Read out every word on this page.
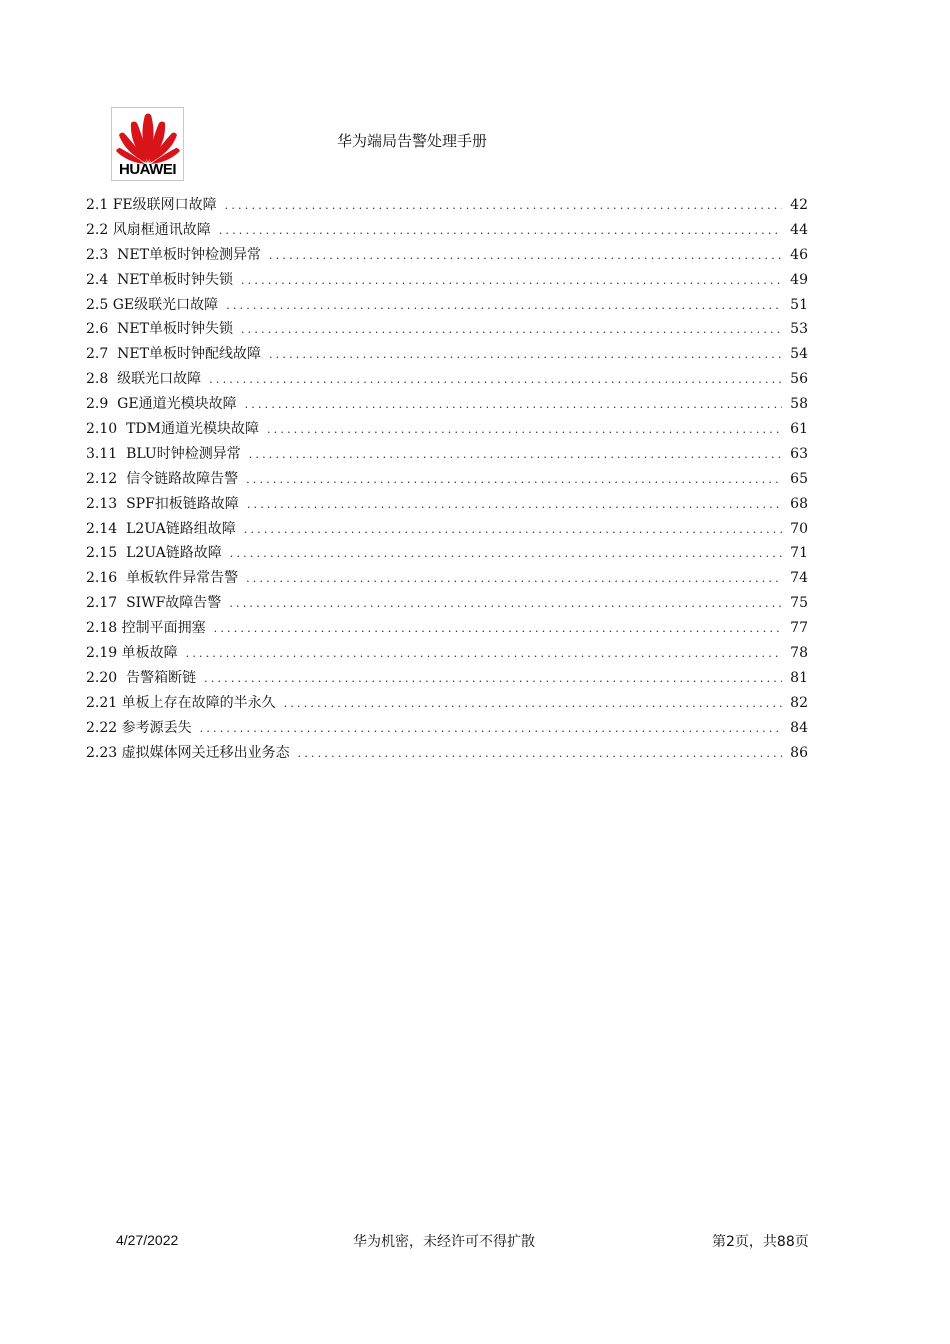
HUAWEI
华为端局告警处理手册
2.1 FE级联网口故障 .....	42
2.2 风扇框通讯故障 .....	44
2.3 NET单板时钟检测异常 .....	46
2.4 NET单板时钟失锁 .....	49
2.5 GE级联光口故障 .....	51
2.6 NET单板时钟失锁 .....	53
2.7 NET单板时钟配线故障 .....	54
2.8 级联光口故障 .....	56
2.9 GE通道光模块故障 .....	58
2.10 TDM通道光模块故障 .....	61
3.11 BLU时钟检测异常 .....	63
2.12 信令链路故障告警 .....	65
2.13 SPF扣板链路故障 .....	68
2.14 L2UA链路组故障 .....	70
2.15 L2UA链路故障 .....	71
2.16 单板软件异常告警 .....	74
2.17 SIWF故障告警 .....	75
2.18 控制平面拥塞 .....	77
2.19 单板故障 .....	78
2.20 告警箱断链 .....	81
2.21 单板上存在故障的半永久 .....	82
2.22 参考源丢失 .....	84
2.23 虚拟媒体网关迁移出业务态 .....	86
4/27/2022	华为机密，未经许可不得扩散	第2页，共88页
